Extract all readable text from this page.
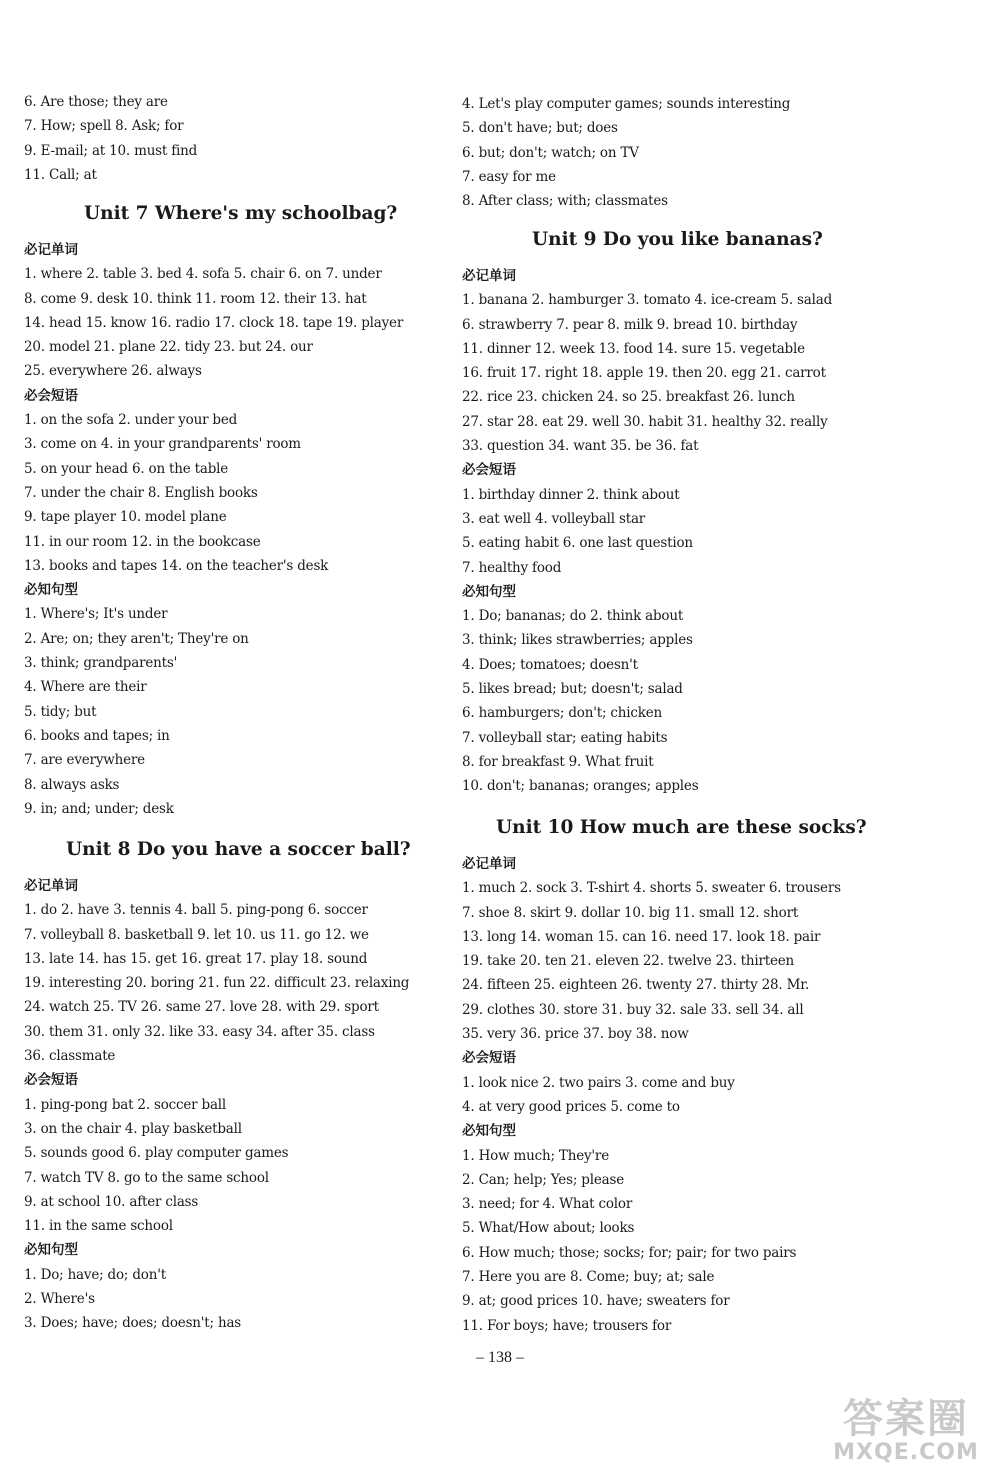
6. Are those; they are
7. How; spell 8. Ask; for
9. E-mail; at 10. must find
11. Call; at
Unit 7 Where's my schoolbag?
必记单词
1. where 2. table 3. bed 4. sofa 5. chair 6. on 7. under
8. come 9. desk 10. think 11. room 12. their 13. hat
14. head 15. know 16. radio 17. clock 18. tape 19. player
20. model 21. plane 22. tidy 23. but 24. our
25. everywhere 26. always
必会短语
1. on the sofa 2. under your bed
3. come on 4. in your grandparents' room
5. on your head 6. on the table
7. under the chair 8. English books
9. tape player 10. model plane
11. in our room 12. in the bookcase
13. books and tapes 14. on the teacher's desk
必知句型
1. Where's; It's under
2. Are; on; they aren't; They're on
3. think; grandparents'
4. Where are their
5. tidy; but
6. books and tapes; in
7. are everywhere
8. always asks
9. in; and; under; desk
Unit 8 Do you have a soccer ball?
必记单词
1. do 2. have 3. tennis 4. ball 5. ping-pong 6. soccer
7. volleyball 8. basketball 9. let 10. us 11. go 12. we
13. late 14. has 15. get 16. great 17. play 18. sound
19. interesting 20. boring 21. fun 22. difficult 23. relaxing
24. watch 25. TV 26. same 27. love 28. with 29. sport
30. them 31. only 32. like 33. easy 34. after 35. class
36. classmate
必会短语
1. ping-pong bat 2. soccer ball
3. on the chair 4. play basketball
5. sounds good 6. play computer games
7. watch TV 8. go to the same school
9. at school 10. after class
11. in the same school
必知句型
1. Do; have; do; don't
2. Where's
3. Does; have; does; doesn't; has
4. Let's play computer games; sounds interesting
5. don't have; but; does
6. but; don't; watch; on TV
7. easy for me
8. After class; with; classmates
Unit 9 Do you like bananas?
必记单词
1. banana 2. hamburger 3. tomato 4. ice-cream 5. salad
6. strawberry 7. pear 8. milk 9. bread 10. birthday
11. dinner 12. week 13. food 14. sure 15. vegetable
16. fruit 17. right 18. apple 19. then 20. egg 21. carrot
22. rice 23. chicken 24. so 25. breakfast 26. lunch
27. star 28. eat 29. well 30. habit 31. healthy 32. really
33. question 34. want 35. be 36. fat
必会短语
1. birthday dinner 2. think about
3. eat well 4. volleyball star
5. eating habit 6. one last question
7. healthy food
必知句型
1. Do; bananas; do 2. think about
3. think; likes strawberries; apples
4. Does; tomatoes; doesn't
5. likes bread; but; doesn't; salad
6. hamburgers; don't; chicken
7. volleyball star; eating habits
8. for breakfast 9. What fruit
10. don't; bananas; oranges; apples
Unit 10 How much are these socks?
必记单词
1. much 2. sock 3. T-shirt 4. shorts 5. sweater 6. trousers
7. shoe 8. skirt 9. dollar 10. big 11. small 12. short
13. long 14. woman 15. can 16. need 17. look 18. pair
19. take 20. ten 21. eleven 22. twelve 23. thirteen
24. fifteen 25. eighteen 26. twenty 27. thirty 28. Mr.
29. clothes 30. store 31. buy 32. sale 33. sell 34. all
35. very 36. price 37. boy 38. now
必会短语
1. look nice 2. two pairs 3. come and buy
4. at very good prices 5. come to
必知句型
1. How much; They're
2. Can; help; Yes; please
3. need; for 4. What color
5. What/How about; looks
6. How much; those; socks; for; pair; for two pairs
7. Here you are 8. Come; buy; at; sale
9. at; good prices 10. have; sweaters for
11. For boys; have; trousers for
– 138 –
答案圈
MXQE.COM
